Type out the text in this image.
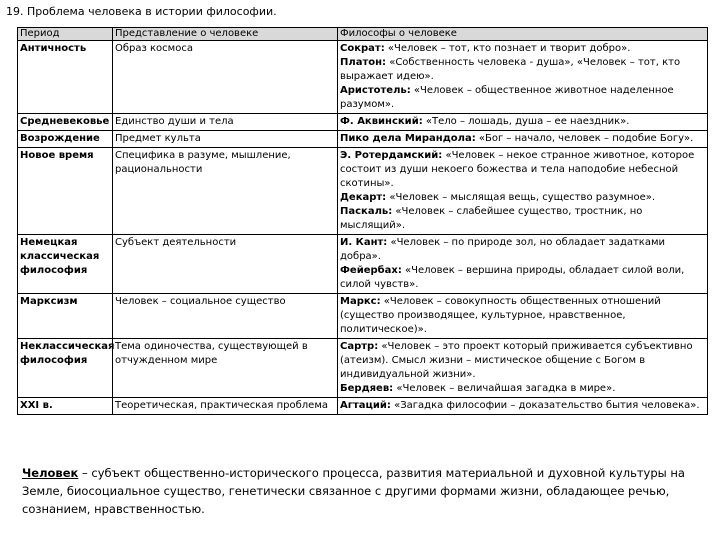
19. Проблема человека в истории философии.
Период	Представление о человеке	Философы о человеке
Античность	Образ космоса	Сократ: «Человек – тот, кто познает и творит добро».
Платон: «Собственность человека - душа», «Человек – тот, кто выражает идею».
Аристотель: «Человек – общественное животное наделенное разумом».

Средневековье	Единство души и тела	Ф. Аквинский: «Тело – лошадь, душа – ее наездник».

Возрождение	Предмет культа	Пико дела Мирандола: «Бог – начало, человек – подобие Богу».

Новое время	Специфика в разуме, мышление, рациональности	Э. Ротердамский: «Человек – некое странное животное, которое состоит из души некоего божества и тела наподобие небесной скотины».
Декарт: «Человек – мыслящая вещь, существо разумное».
Паскаль: «Человек – слабейшее существо, тростник, но мыслящий».

Немецкая классическая философия	Субъект деятельности	И. Кант: «Человек – по природе зол, но обладает задатками добра».
Фейербах: «Человек – вершина природы, обладает силой воли, силой чувств».

Марксизм	Человек – социальное существо	Маркс: «Человек – совокупность общественных отношений (существо производящее, культурное, нравственное, политическое)».

Неклассическая философия	Тема одиночества, существующей в отчужденном мире	Сартр: «Человек – это проект который приживается субъективно (атеизм). Смысл жизни – мистическое общение с Богом в индивидуальной жизни».
Бердяев: «Человек – величайшая загадка в мире».

XXI в.	Теоретическая, практическая проблема	Агтаций: «Загадка философии – доказательство бытия человека».
Человек – субъект общественно-исторического процесса, развития материальной и духовной культуры на Земле, биосоциальное существо, генетически связанное с другими формами жизни, обладающее речью, сознанием, нравственностью.
